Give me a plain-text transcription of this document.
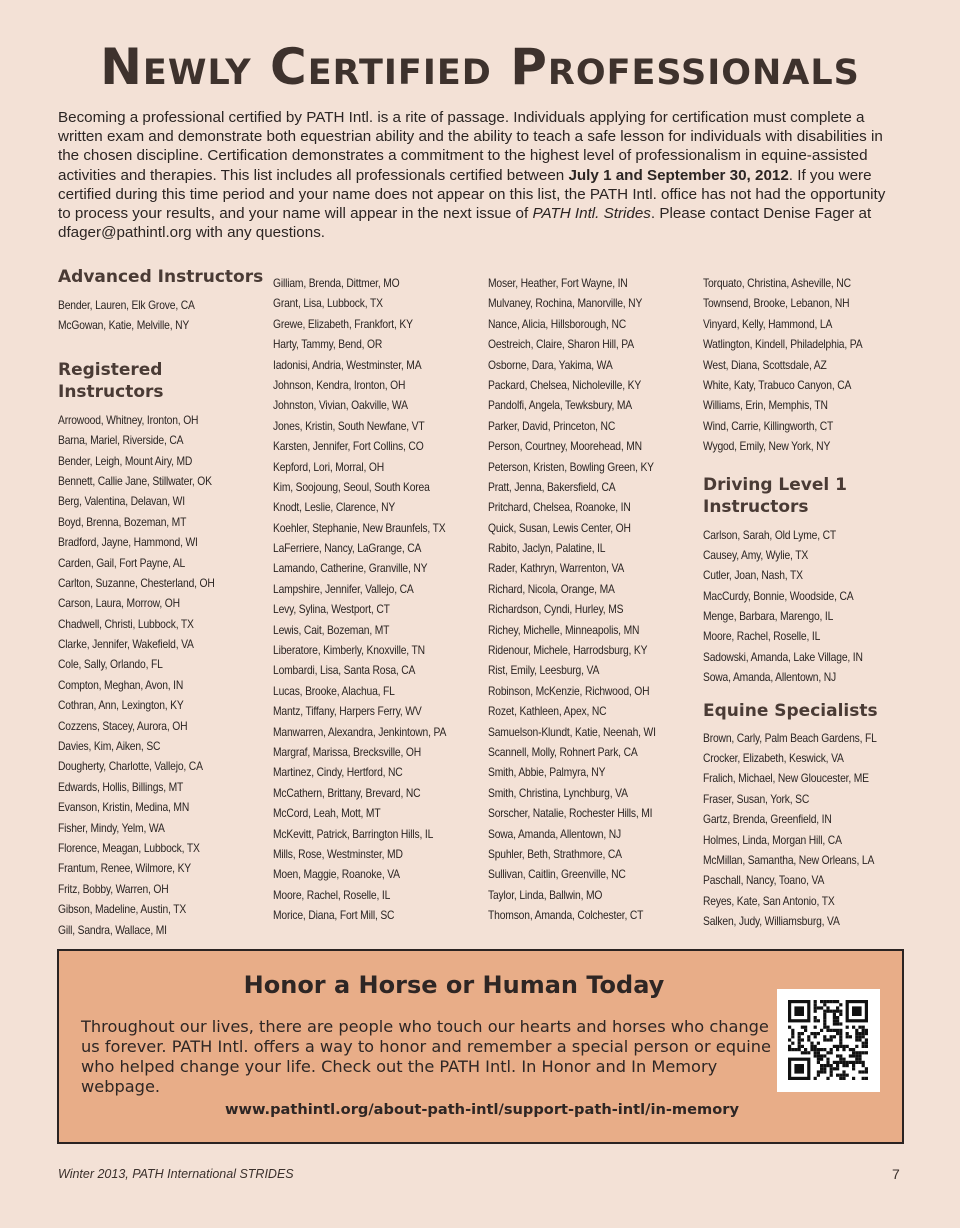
Newly Certified Professionals

Becoming a professional certified by PATH Intl. is a rite of passage. Individuals applying for certification must complete a written exam and demonstrate both equestrian ability and the ability to teach a safe lesson for individuals with disabilities in the chosen discipline. Certification demonstrates a commitment to the highest level of professionalism in equine-assisted activities and therapies. This list includes all professionals certified between July 1 and September 30, 2012. If you were certified during this time period and your name does not appear on this list, the PATH Intl. office has not had the opportunity to process your results, and your name will appear in the next issue of PATH Intl. Strides. Please contact Denise Fager at dfager@pathintl.org with any questions.

Advanced Instructors
Bender, Lauren, Elk Grove, CA
McGowan, Katie, Melville, NY
Registered Instructors
Arrowood, Whitney, Ironton, OH
Barna, Mariel, Riverside, CA
Bender, Leigh, Mount Airy, MD
Bennett, Callie Jane, Stillwater, OK
Berg, Valentina, Delavan, WI
Boyd, Brenna, Bozeman, MT
Bradford, Jayne, Hammond, WI
Carden, Gail, Fort Payne, AL
Carlton, Suzanne, Chesterland, OH
Carson, Laura, Morrow, OH
Chadwell, Christi, Lubbock, TX
Clarke, Jennifer, Wakefield, VA
Cole, Sally, Orlando, FL
Compton, Meghan, Avon, IN
Cothran, Ann, Lexington, KY
Cozzens, Stacey, Aurora, OH
Davies, Kim, Aiken, SC
Dougherty, Charlotte, Vallejo, CA
Edwards, Hollis, Billings, MT
Evanson, Kristin, Medina, MN
Fisher, Mindy, Yelm, WA
Florence, Meagan, Lubbock, TX
Frantum, Renee, Wilmore, KY
Fritz, Bobby, Warren, OH
Gibson, Madeline, Austin, TX
Gill, Sandra, Wallace, MI
Gilliam, Brenda, Dittmer, MO
Grant, Lisa, Lubbock, TX
Grewe, Elizabeth, Frankfort, KY
Harty, Tammy, Bend, OR
Iadonisi, Andria, Westminster, MA
Johnson, Kendra, Ironton, OH
Johnston, Vivian, Oakville, WA
Jones, Kristin, South Newfane, VT
Karsten, Jennifer, Fort Collins, CO
Kepford, Lori, Morral, OH
Kim, Soojoung, Seoul, South Korea
Knodt, Leslie, Clarence, NY
Koehler, Stephanie, New Braunfels, TX
LaFerriere, Nancy, LaGrange, CA
Lamando, Catherine, Granville, NY
Lampshire, Jennifer, Vallejo, CA
Levy, Sylina, Westport, CT
Lewis, Cait, Bozeman, MT
Liberatore, Kimberly, Knoxville, TN
Lombardi, Lisa, Santa Rosa, CA
Lucas, Brooke, Alachua, FL
Mantz, Tiffany, Harpers Ferry, WV
Manwarren, Alexandra, Jenkintown, PA
Margraf, Marissa, Brecksville, OH
Martinez, Cindy, Hertford, NC
McCathern, Brittany, Brevard, NC
McCord, Leah, Mott, MT
McKevitt, Patrick, Barrington Hills, IL
Mills, Rose, Westminster, MD
Moen, Maggie, Roanoke, VA
Moore, Rachel, Roselle, IL
Morice, Diana, Fort Mill, SC
Moser, Heather, Fort Wayne, IN
Mulvaney, Rochina, Manorville, NY
Nance, Alicia, Hillsborough, NC
Oestreich, Claire, Sharon Hill, PA
Osborne, Dara, Yakima, WA
Packard, Chelsea, Nicholeville, KY
Pandolfi, Angela, Tewksbury, MA
Parker, David, Princeton, NC
Person, Courtney, Moorehead, MN
Peterson, Kristen, Bowling Green, KY
Pratt, Jenna, Bakersfield, CA
Pritchard, Chelsea, Roanoke, IN
Quick, Susan, Lewis Center, OH
Rabito, Jaclyn, Palatine, IL
Rader, Kathryn, Warrenton, VA
Richard, Nicola, Orange, MA
Richardson, Cyndi, Hurley, MS
Richey, Michelle, Minneapolis, MN
Ridenour, Michele, Harrodsburg, KY
Rist, Emily, Leesburg, VA
Robinson, McKenzie, Richwood, OH
Rozet, Kathleen, Apex, NC
Samuelson-Klundt, Katie, Neenah, WI
Scannell, Molly, Rohnert Park, CA
Smith, Abbie, Palmyra, NY
Smith, Christina, Lynchburg, VA
Sorscher, Natalie, Rochester Hills, MI
Sowa, Amanda, Allentown, NJ
Spuhler, Beth, Strathmore, CA
Sullivan, Caitlin, Greenville, NC
Taylor, Linda, Ballwin, MO
Thomson, Amanda, Colchester, CT
Torquato, Christina, Asheville, NC
Townsend, Brooke, Lebanon, NH
Vinyard, Kelly, Hammond, LA
Watlington, Kindell, Philadelphia, PA
West, Diana, Scottsdale, AZ
White, Katy, Trabuco Canyon, CA
Williams, Erin, Memphis, TN
Wind, Carrie, Killingworth, CT
Wygod, Emily, New York, NY
Driving Level 1
Instructors
Carlson, Sarah, Old Lyme, CT
Causey, Amy, Wylie, TX
Cutler, Joan, Nash, TX
MacCurdy, Bonnie, Woodside, CA
Menge, Barbara, Marengo, IL
Moore, Rachel, Roselle, IL
Sadowski, Amanda, Lake Village, IN
Sowa, Amanda, Allentown, NJ
Equine Specialists
Brown, Carly, Palm Beach Gardens, FL
Crocker, Elizabeth, Keswick, VA
Fralich, Michael, New Gloucester, ME
Fraser, Susan, York, SC
Gartz, Brenda, Greenfield, IN
Holmes, Linda, Morgan Hill, CA
McMillan, Samantha, New Orleans, LA
Paschall, Nancy, Toano, VA
Reyes, Kate, San Antonio, TX
Salken, Judy, Williamsburg, VA
Honor a Horse or Human Today

Throughout our lives, there are people who touch our hearts and horses who change us forever. PATH Intl. offers a way to honor and remember a special person or equine who helped change your life. Check out the PATH Intl. In Honor and In Memory webpage.

www.pathintl.org/about-path-intl/support-path-intl/in-memory

Winter 2013, PATH International STRIDES	7
